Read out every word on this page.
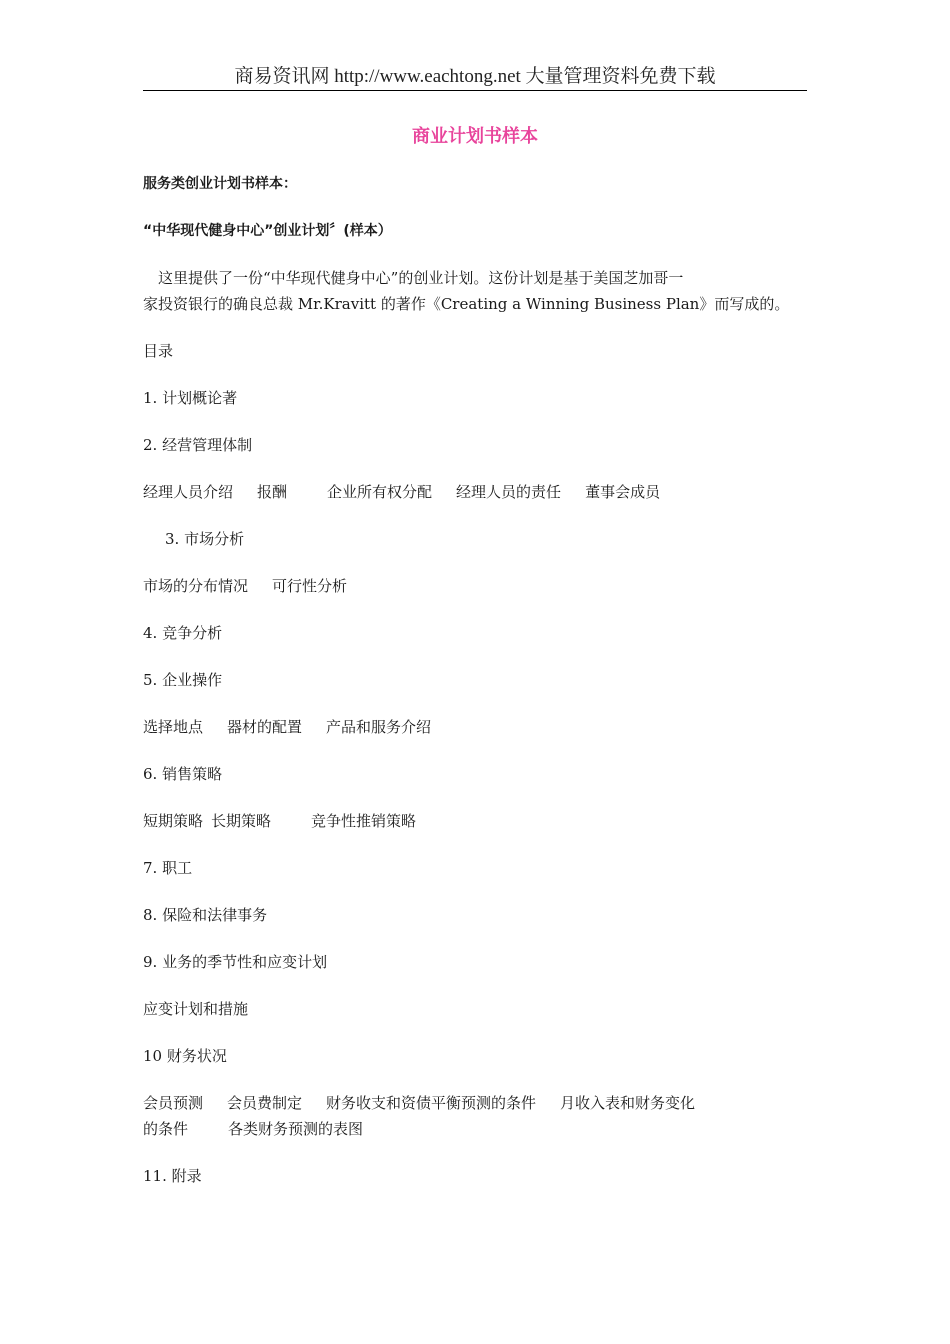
商易资讯网 http://www.eachtong.net 大量管理资料免费下载
商业计划书样本
服务类创业计划书样本：
“中华现代健身中心”创业计划〞(样本）
　这里提供了一份“中华现代健身中心”的创业计划。这份计划是基于美国芝加哥一
家投资银行的确良总裁 Mr.Kravitt 的著作《Creating a Winning Business Plan》而写成的。
目录
1. 计划概论著
2. 经营管理体制
经理人员介绍 报酬	企业所有权分配 经理人员的责任 董事会成员
3. 市场分析
市场的分布情况 可行性分析
4. 竞争分析
5. 企业操作
选择地点 器材的配置 产品和服务介绍
6. 销售策略
短期策略 长期策略	竞争性推销策略
7. 职工
8. 保险和法律事务
9. 业务的季节性和应变计划
应变计划和措施
10 财务状况
会员预测 会员费制定 财务收支和资债平衡预测的条件 月收入表和财务变化
的条件	各类财务预测的表图
11. 附录
